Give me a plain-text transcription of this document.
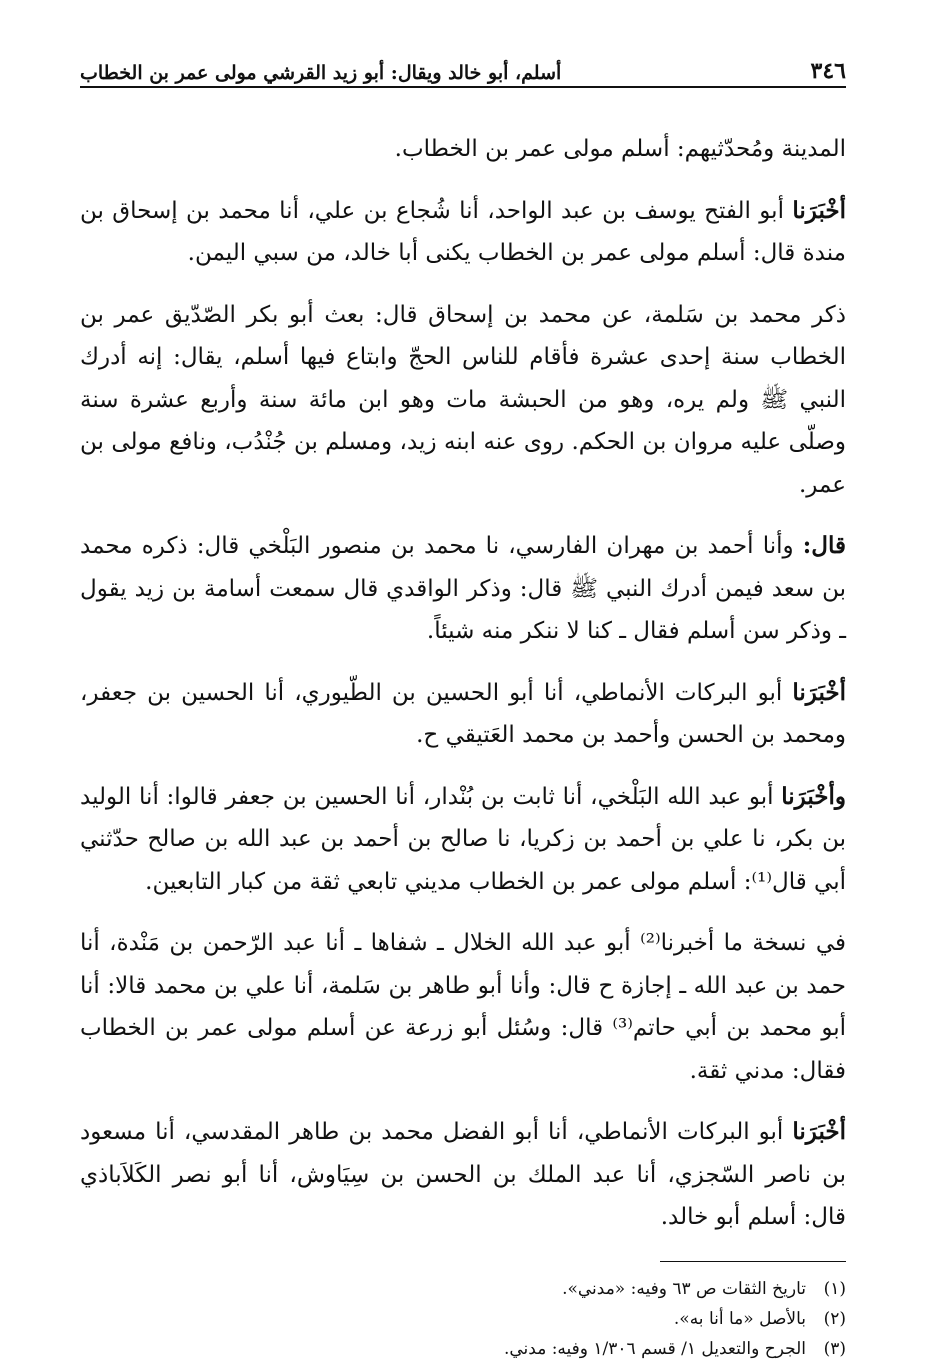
٣٤٦
أسلم، أبو خالد ويقال: أبو زيد القرشي مولى عمر بن الخطاب

المدينة ومُحدّثيهم: أسلم مولى عمر بن الخطاب.

أخْبَرَنا أبو الفتح يوسف بن عبد الواحد، أنا شُجاع بن علي، أنا محمد بن إسحاق بن مندة قال: أسلم مولى عمر بن الخطاب يكنى أبا خالد، من سبي اليمن.

ذكر محمد بن سَلمة، عن محمد بن إسحاق قال: بعث أبو بكر الصّدّيق عمر بن الخطاب سنة إحدى عشرة فأقام للناس الحجّ وابتاع فيها أسلم، يقال: إنه أدرك النبي ﷺ ولم يره، وهو من الحبشة مات وهو ابن مائة سنة وأربع عشرة سنة وصلّى عليه مروان بن الحكم. روى عنه ابنه زيد، ومسلم بن جُنْدُب، ونافع مولى بن عمر.

قال: وأنا أحمد بن مهران الفارسي، نا محمد بن منصور البَلْخي قال: ذكره محمد بن سعد فيمن أدرك النبي ﷺ قال: وذكر الواقدي قال سمعت أسامة بن زيد يقول ـ وذكر سن أسلم فقال ـ كنا لا ننكر منه شيئاً.

أخْبَرَنا أبو البركات الأنماطي، أنا أبو الحسين بن الطّيوري، أنا الحسين بن جعفر، ومحمد بن الحسن وأحمد بن محمد العَتيقي ح.

وأخْبَرَنا أبو عبد الله البَلْخي، أنا ثابت بن بُنْدار، أنا الحسين بن جعفر قالوا: أنا الوليد بن بكر، نا علي بن أحمد بن زكريا، نا صالح بن أحمد بن عبد الله بن صالح حدّثني أبي قال⁽¹⁾: أسلم مولى عمر بن الخطاب مديني تابعي ثقة من كبار التابعين.

في نسخة ما أخبرنا⁽²⁾ أبو عبد الله الخلال ـ شفاها ـ أنا عبد الرّحمن بن مَنْدة، أنا حمد بن عبد الله ـ إجازة ح قال: وأنا أبو طاهر بن سَلمة، أنا علي بن محمد قالا: أنا أبو محمد بن أبي حاتم⁽³⁾ قال: وسُئل أبو زرعة عن أسلم مولى عمر بن الخطاب فقال: مدني ثقة.

أخْبَرَنا أبو البركات الأنماطي، أنا أبو الفضل محمد بن طاهر المقدسي، أنا مسعود بن ناصر السّجزي، أنا عبد الملك بن الحسن بن سِيَاوش، أنا أبو نصر الكَلاَباذي قال: أسلم أبو خالد.

(١)
تاريخ الثقات ص ٦٣ وفيه: «مدني».
(٢)
بالأصل «ما أنا به».
(٣)
الجرح والتعديل ١/ قسم ١/٣٠٦ وفيه: مدني.
